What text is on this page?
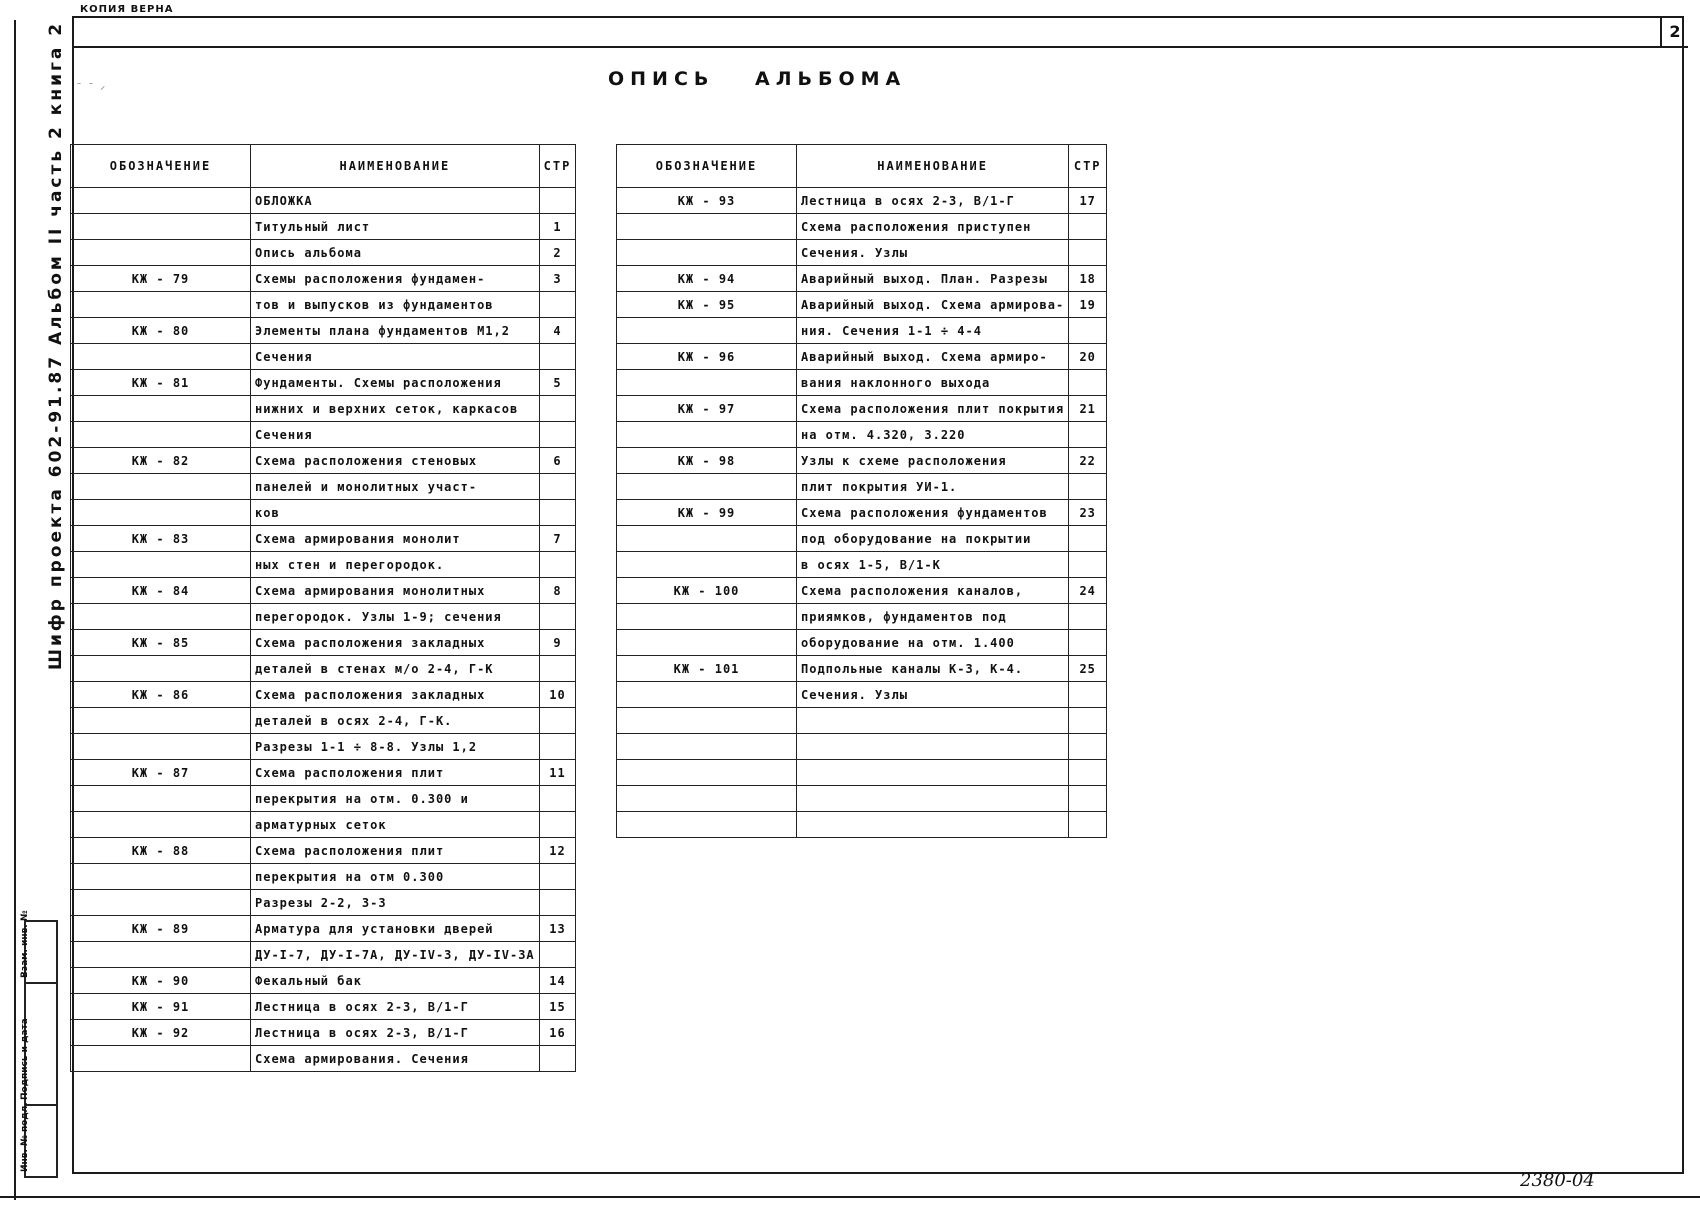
КОПИЯ ВЕРНА
2
⁻ ⁻ ⸝	ОПИСЬ АЛЬБОМА
Шифр проекта 602-91.87 Альбом II часть 2 книга 2	ОБОЗНАЧЕНИЕ	НАИМЕНОВАНИЕ	СТР
	ОБЛОЖКА	
	Титульный лист	1
	Опись альбома	2
КЖ - 79	Схемы расположения фундамен-	3
	тов и выпусков из фундаментов	
КЖ - 80	Элементы плана фундаментов М1,2	4
	Сечения	
КЖ - 81	Фундаменты. Схемы расположения	5
	нижних и верхних сеток, каркасов	
	Сечения	
КЖ - 82	Схема расположения стеновых	6
	панелей и монолитных участ-	
	ков	
КЖ - 83	Схема армирования монолит	7
	ных стен и перегородок.	
КЖ - 84	Схема армирования монолитных	8
	перегородок. Узлы 1-9; сечения	
КЖ - 85	Схема расположения закладных	9
	деталей в стенах м/о 2-4, Г-К	
КЖ - 86	Схема расположения закладных	10
	деталей в осях 2-4, Г-К.	
	Разрезы 1-1 ÷ 8-8. Узлы 1,2	
КЖ - 87	Схема расположения плит	11
	перекрытия на отм. 0.300 и	
	арматурных сеток	
КЖ - 88	Схема расположения плит	12
	перекрытия на отм 0.300	
	Разрезы 2-2, 3-3	
КЖ - 89	Арматура для установки дверей	13
	ДУ-I-7, ДУ-I-7А, ДУ-IV-3, ДУ-IV-3А	
КЖ - 90	Фекальный бак	14
КЖ - 91	Лестница в осях 2-3, В/1-Г	15
КЖ - 92	Лестница в осях 2-3, В/1-Г	16
	Схема армирования. Сечения	
ОБОЗНАЧЕНИЕ	НАИМЕНОВАНИЕ	СТР
КЖ - 93	Лестница в осях 2-3, В/1-Г	17
	Схема расположения приступен	
	Сечения. Узлы	
КЖ - 94	Аварийный выход. План. Разрезы	18
КЖ - 95	Аварийный выход. Схема армирова-	19
	ния. Сечения 1-1 ÷ 4-4	
КЖ - 96	Аварийный выход. Схема армиро-	20
	вания наклонного выхода	
КЖ - 97	Схема расположения плит покрытия	21
	на отм. 4.320, 3.220	
КЖ - 98	Узлы к схеме расположения	22
	плит покрытия УИ-1.	
КЖ - 99	Схема расположения фундаментов	23
	под оборудование на покрытии	
	в осях 1-5, В/1-К	
КЖ - 100	Схема расположения каналов,	24
	приямков, фундаментов под	
	оборудование на отм. 1.400	
КЖ - 101	Подпольные каналы К-3, К-4.	25
	Сечения. Узлы	

Взам. инв. №
Подпись и дата
Инв. № подл.
2380-04
